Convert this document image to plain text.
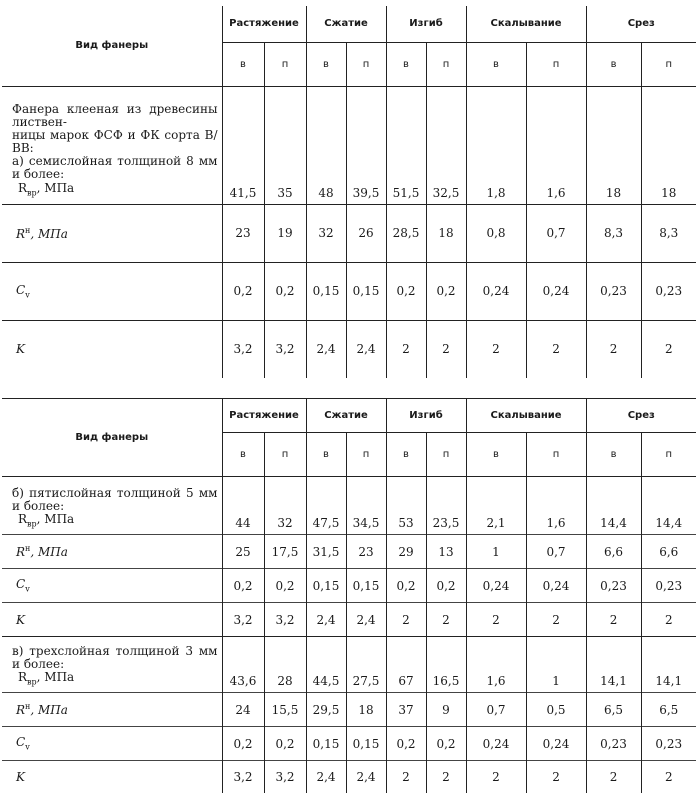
Вид фанеры	Растяжение		Сжатие		Изгиб		Скалывание		Срез	
	в	п	в	п	в	п	в	п	в	п

Фанера клееная из древесины листвен-
ницы марок ФСФ и ФК сорта В/ВВ:
а) семислойная толщиной 8 мм и более:
$R_{вр}$, МПа	41,5	35	48	39,5	51,5	32,5	1,8	1,6	18	18
$R^н$, МПа	23	19	32	26	28,5	18	0,8	0,7	8,3	8,3
$C_v$	0,2	0,2	0,15	0,15	0,2	0,2	0,24	0,24	0,23	0,23
K	3,2	3,2	2,4	2,4	2	2	2	2	2	2
Вид фанеры	Растяжение		Сжатие		Изгиб		Скалывание		Срез	
	в	п	в	п	в	п	в	п	в	п

б) пятислойная толщиной 5 мм и более:
$R_{вр}$, МПа	44	32	47,5	34,5	53	23,5	2,1	1,6	14,4	14,4
$R^н$, МПа	25	17,5	31,5	23	29	13	1	0,7	6,6	6,6
$C_v$	0,2	0,2	0,15	0,15	0,2	0,2	0,24	0,24	0,23	0,23
K	3,2	3,2	2,4	2,4	2	2	2	2	2	2

в) трехслойная толщиной 3 мм и более:
$R_{вр}$, МПа	43,6	28	44,5	27,5	67	16,5	1,6	1	14,1	14,1
$R^н$, МПа	24	15,5	29,5	18	37	9	0,7	0,5	6,5	6,5
$C_v$	0,2	0,2	0,15	0,15	0,2	0,2	0,24	0,24	0,23	0,23
K	3,2	3,2	2,4	2,4	2	2	2	2	2	2
